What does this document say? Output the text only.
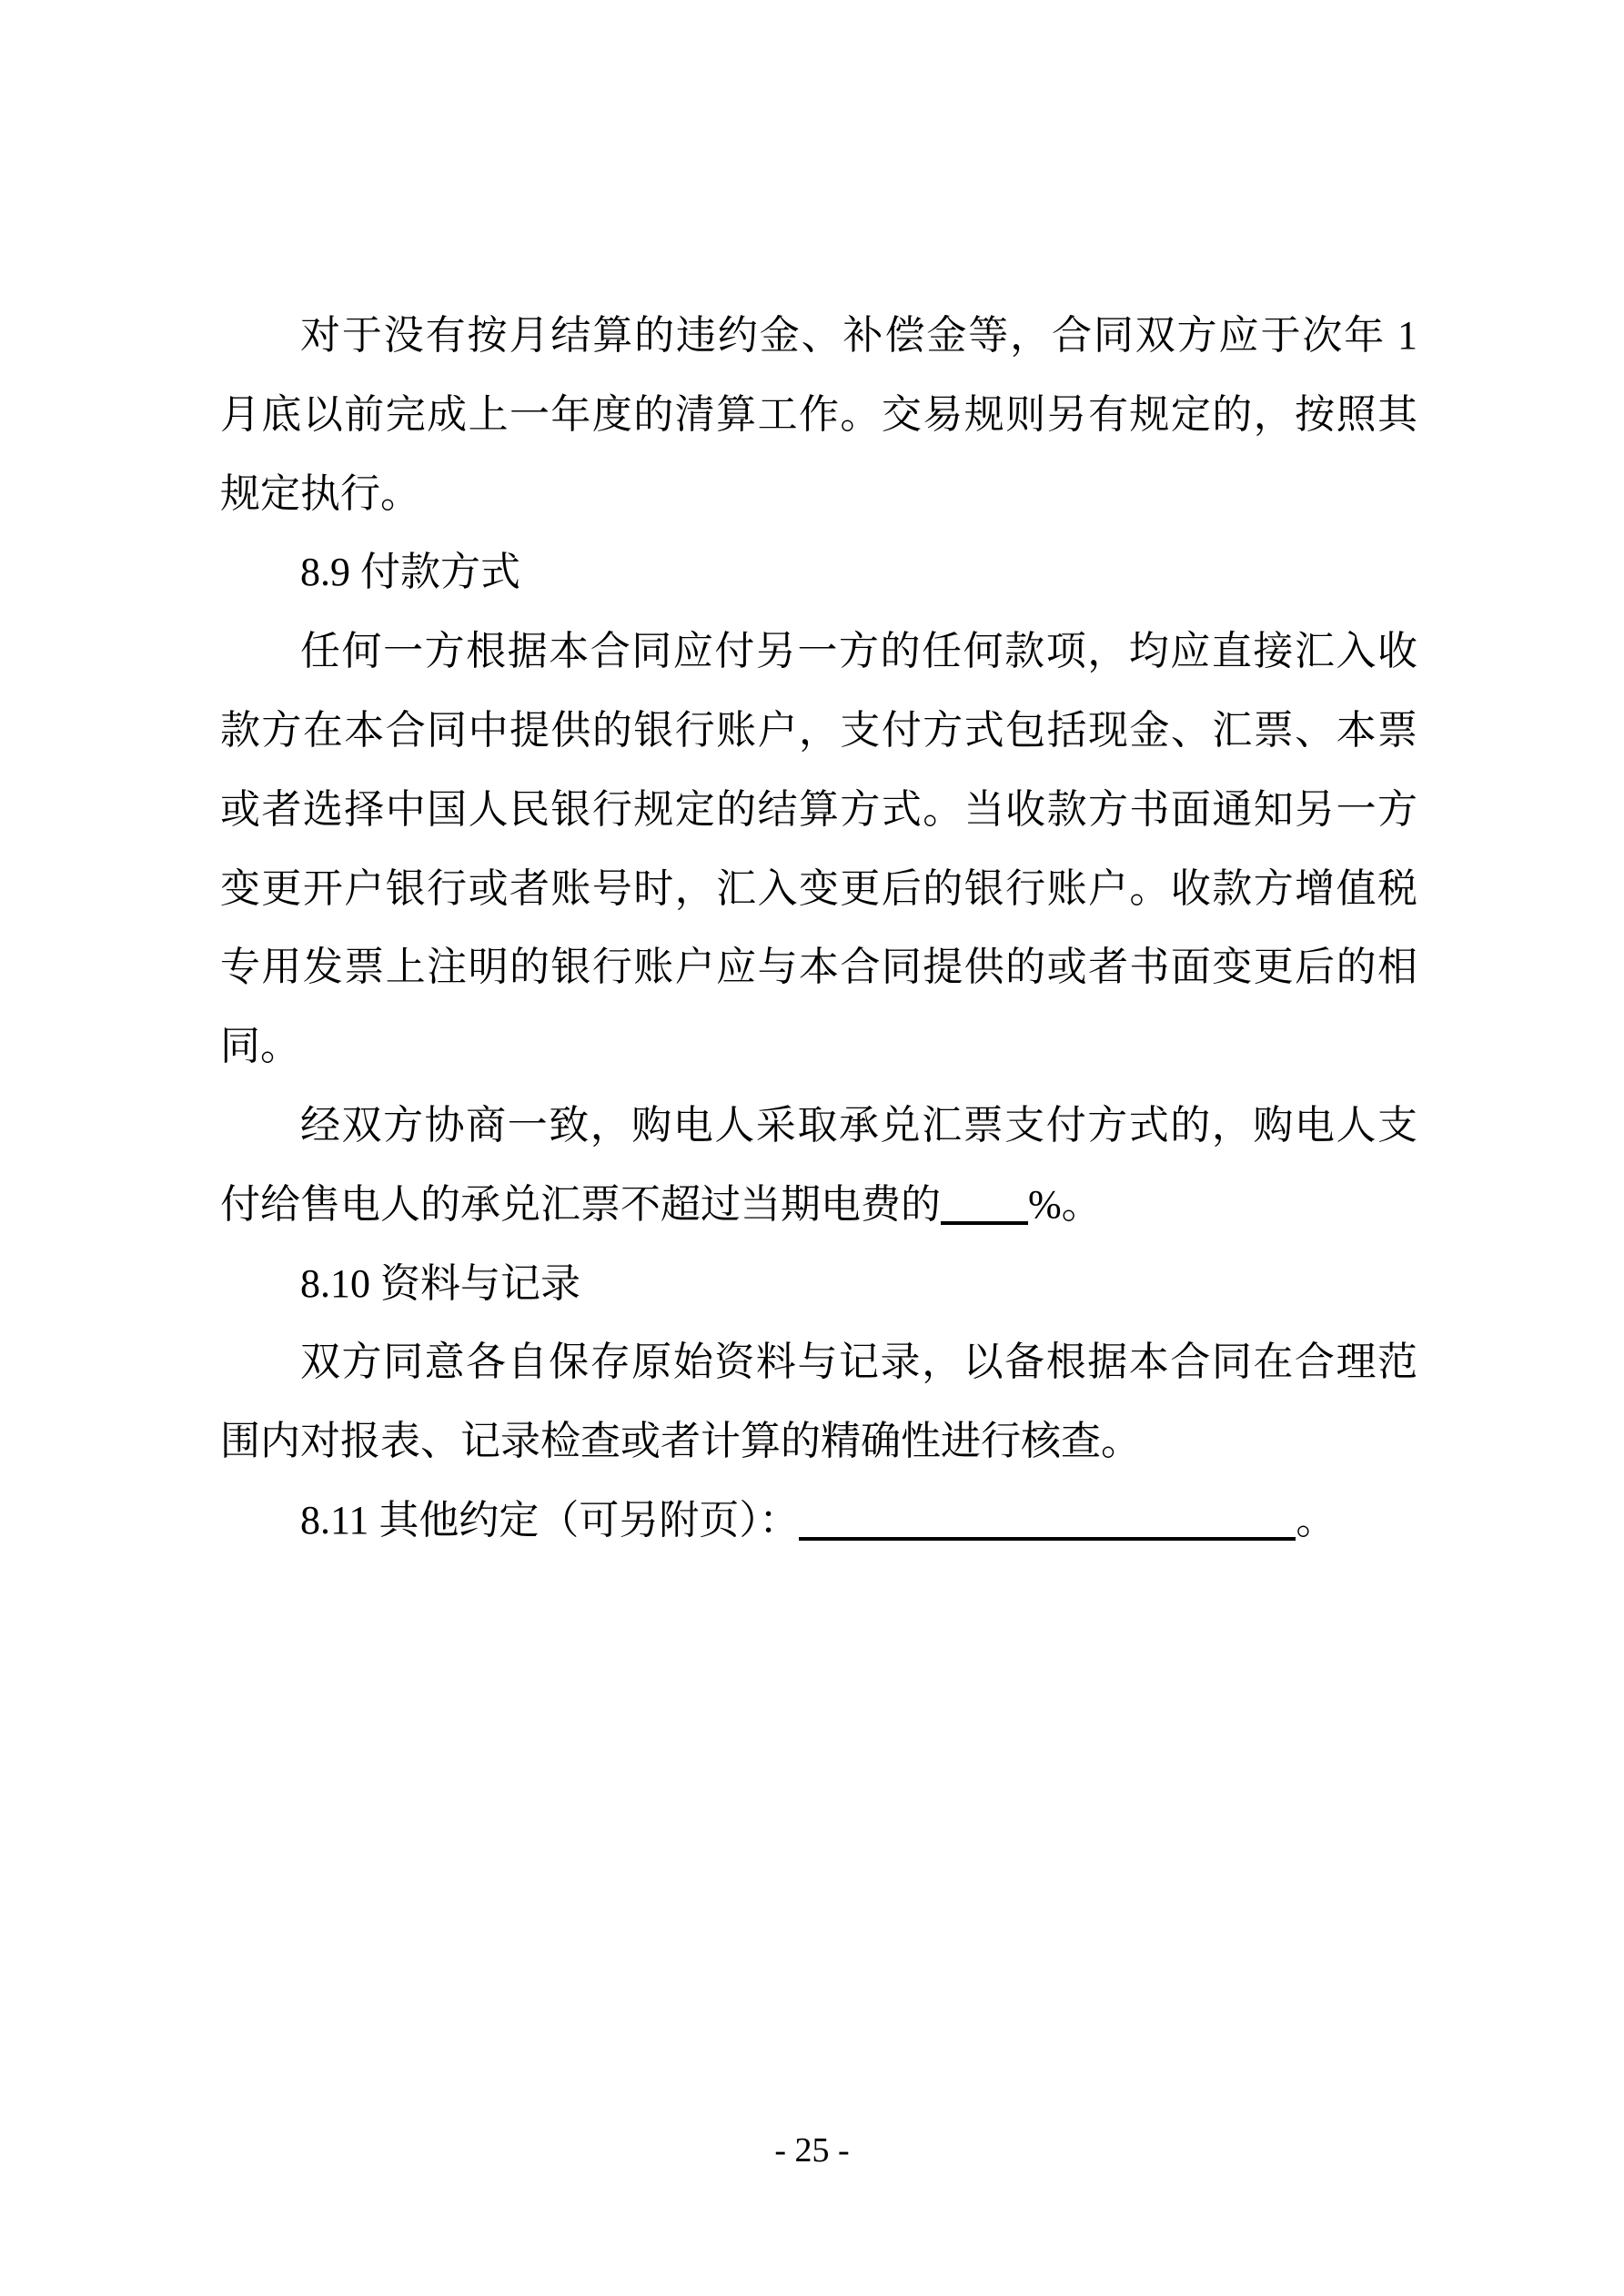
对于没有按月结算的违约金、补偿金等，合同双方应于次年 1
月底以前完成上一年度的清算工作。交易规则另有规定的，按照其
规定执行。
8.9 付款方式
任何一方根据本合同应付另一方的任何款项，均应直接汇入收
款方在本合同中提供的银行账户，支付方式包括现金、汇票、本票
或者选择中国人民银行规定的结算方式。当收款方书面通知另一方
变更开户银行或者账号时，汇入变更后的银行账户。收款方增值税
专用发票上注明的银行账户应与本合同提供的或者书面变更后的相
同。
经双方协商一致，购电人采取承兑汇票支付方式的，购电人支
付给售电人的承兑汇票不超过当期电费的 %。
8.10 资料与记录
双方同意各自保存原始资料与记录，以备根据本合同在合理范
围内对报表、记录检查或者计算的精确性进行核查。
8.11 其他约定（可另附页）：	。
- 25 -
